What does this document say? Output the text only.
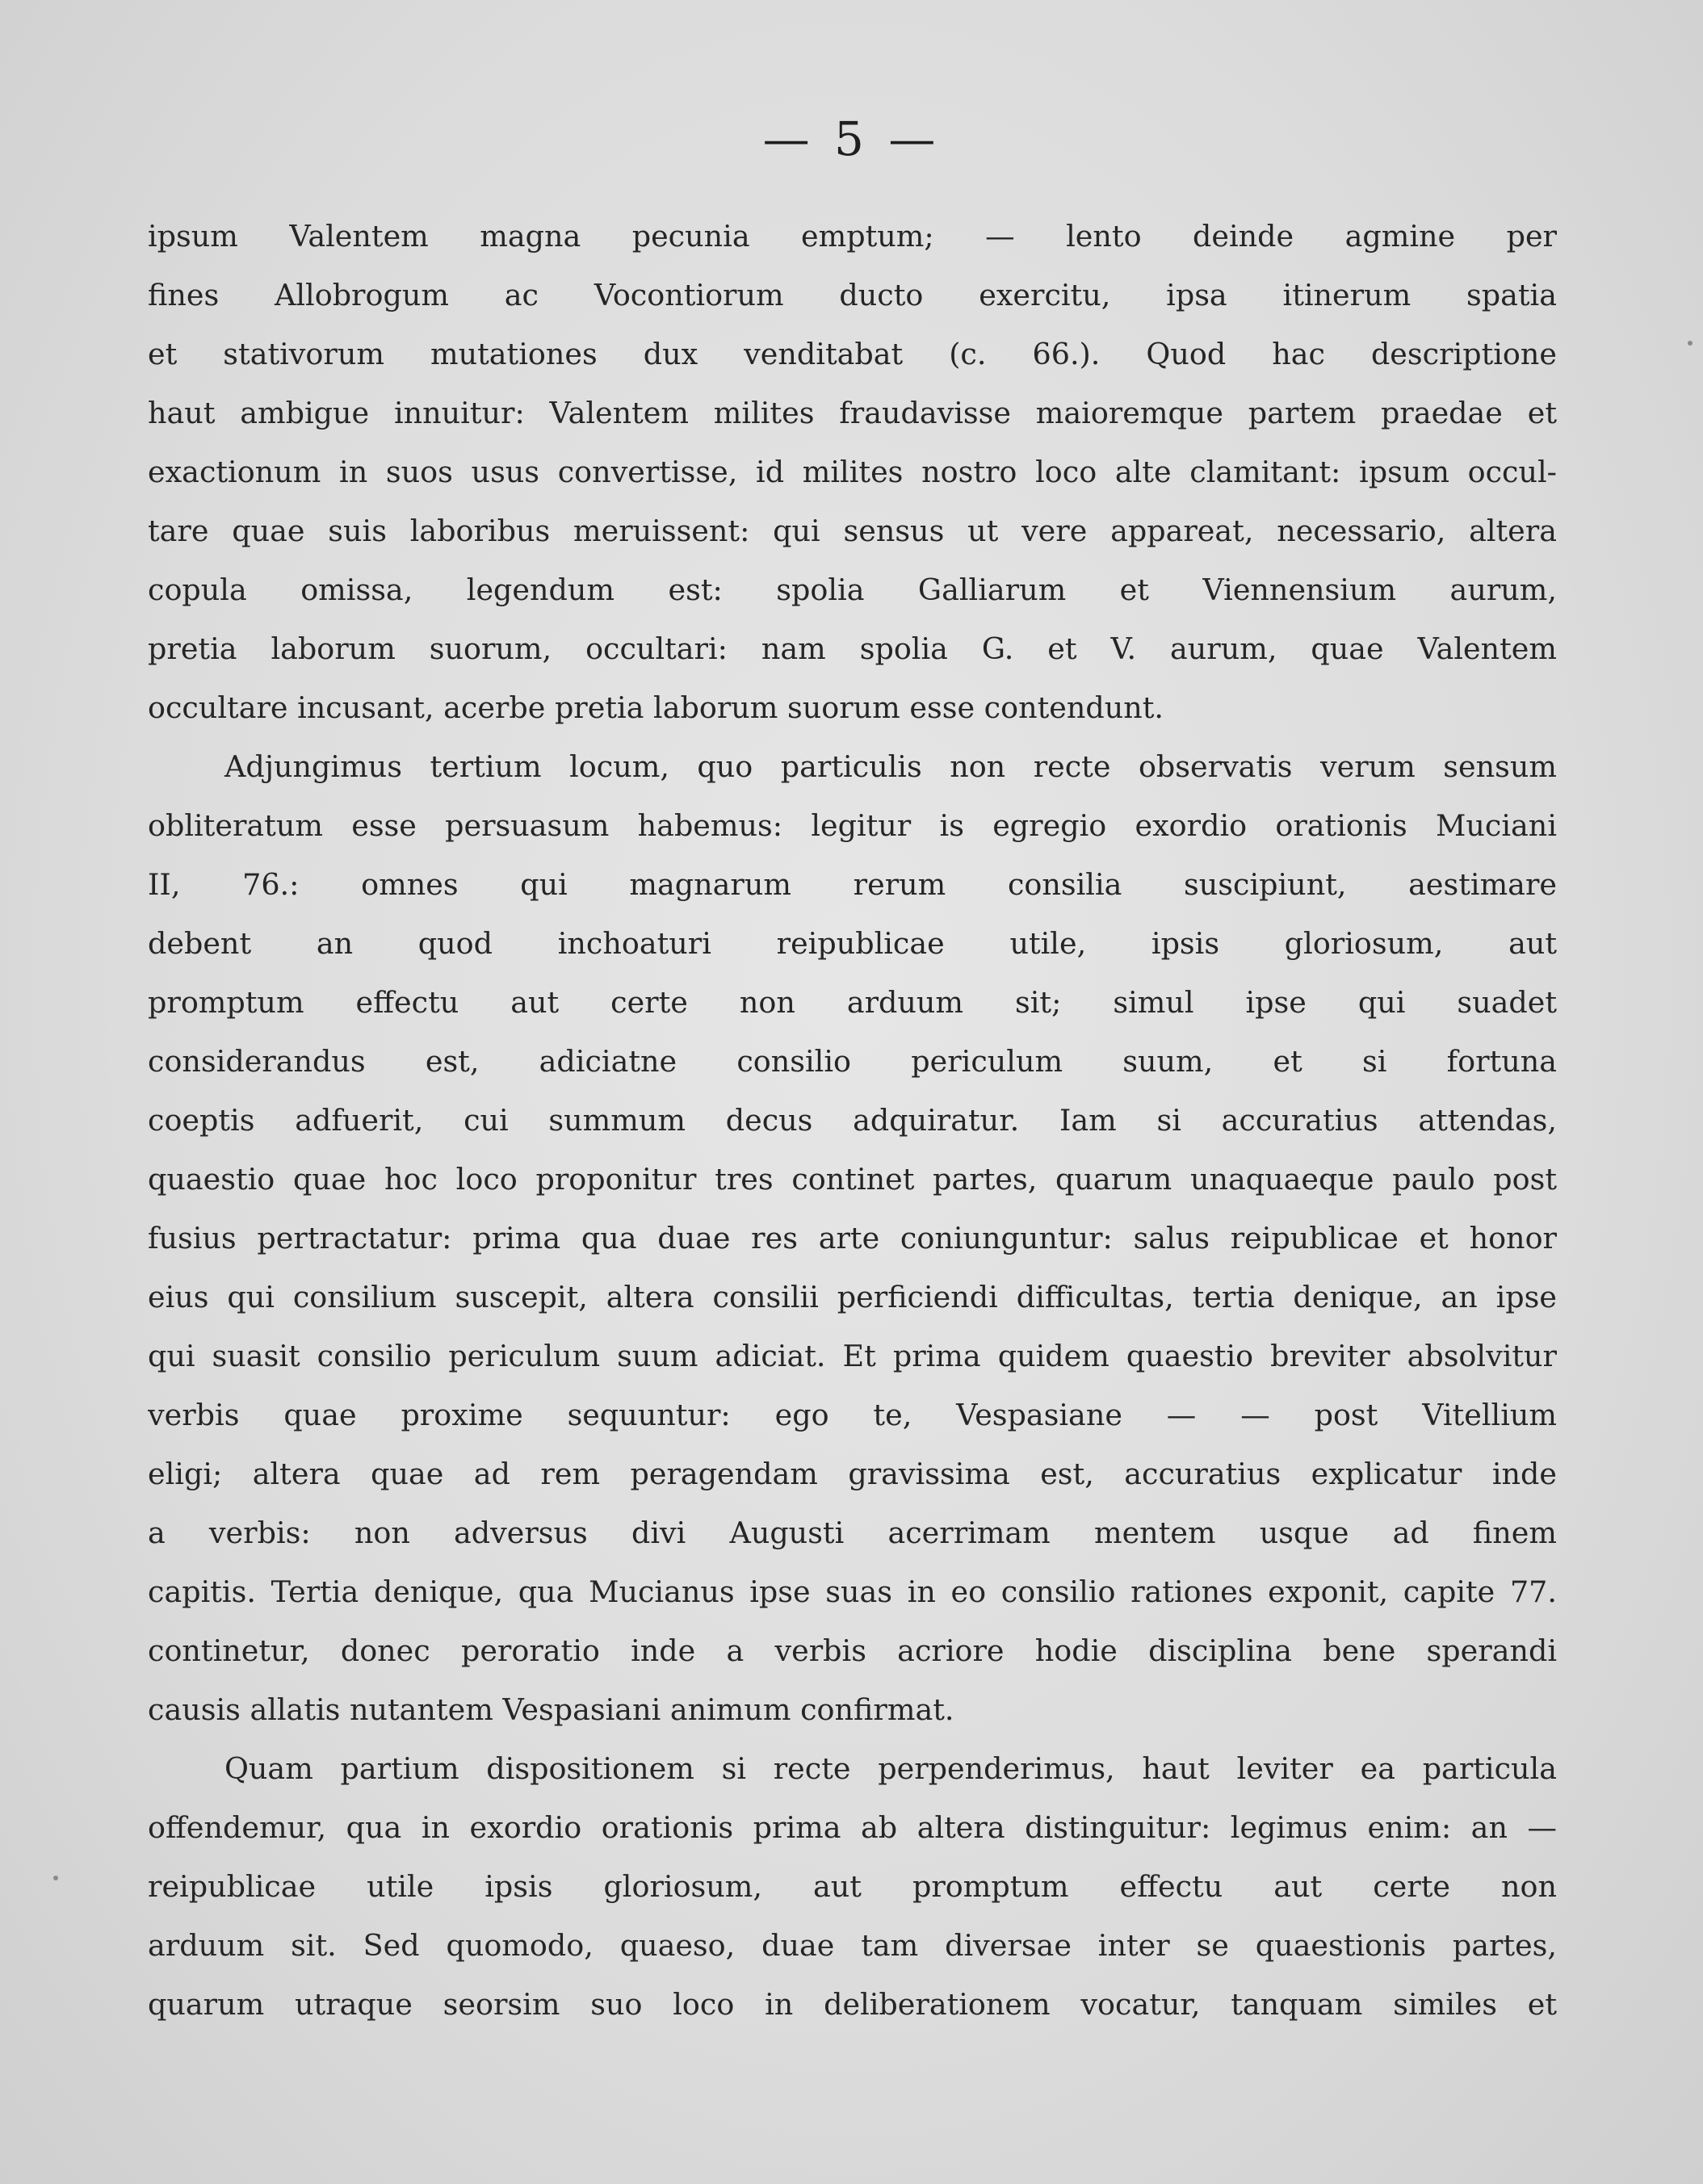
— 5 —
ipsum Valentem magna pecunia emptum; — lento deinde agmine per
fines Allobrogum ac Vocontiorum ducto exercitu, ipsa itinerum spatia
et stativorum mutationes dux venditabat (c. 66.). Quod hac descriptione
haut ambigue innuitur: Valentem milites fraudavisse maioremque partem praedae et
exactionum in suos usus convertisse, id milites nostro loco alte clamitant: ipsum occul-
tare quae suis laboribus meruissent: qui sensus ut vere appareat, necessario, altera
copula omissa, legendum est: spolia Galliarum et Viennensium aurum,
pretia laborum suorum, occultari: nam spolia G. et V. aurum, quae Valentem
occultare incusant, acerbe pretia laborum suorum esse contendunt.
Adjungimus tertium locum, quo particulis non recte observatis verum sensum
obliteratum esse persuasum habemus: legitur is egregio exordio orationis Muciani
II, 76.: omnes qui magnarum rerum consilia suscipiunt, aestimare
debent an quod inchoaturi reipublicae utile, ipsis gloriosum, aut
promptum effectu aut certe non arduum sit; simul ipse qui suadet
considerandus est, adiciatne consilio periculum suum, et si fortuna
coeptis adfuerit, cui summum decus adquiratur. Iam si accuratius attendas,
quaestio quae hoc loco proponitur tres continet partes, quarum unaquaeque paulo post
fusius pertractatur: prima qua duae res arte coniunguntur: salus reipublicae et honor
eius qui consilium suscepit, altera consilii perficiendi difficultas, tertia denique, an ipse
qui suasit consilio periculum suum adiciat. Et prima quidem quaestio breviter absolvitur
verbis quae proxime sequuntur: ego te, Vespasiane — — post Vitellium
eligi; altera quae ad rem peragendam gravissima est, accuratius explicatur inde
a verbis: non adversus divi Augusti acerrimam mentem usque ad finem
capitis. Tertia denique, qua Mucianus ipse suas in eo consilio rationes exponit, capite 77.
continetur, donec peroratio inde a verbis acriore hodie disciplina bene sperandi
causis allatis nutantem Vespasiani animum confirmat.
Quam partium dispositionem si recte perpenderimus, haut leviter ea particula
offendemur, qua in exordio orationis prima ab altera distinguitur: legimus enim: an —
reipublicae utile ipsis gloriosum, aut promptum effectu aut certe non
arduum sit. Sed quomodo, quaeso, duae tam diversae inter se quaestionis partes,
quarum utraque seorsim suo loco in deliberationem vocatur, tanquam similes et
